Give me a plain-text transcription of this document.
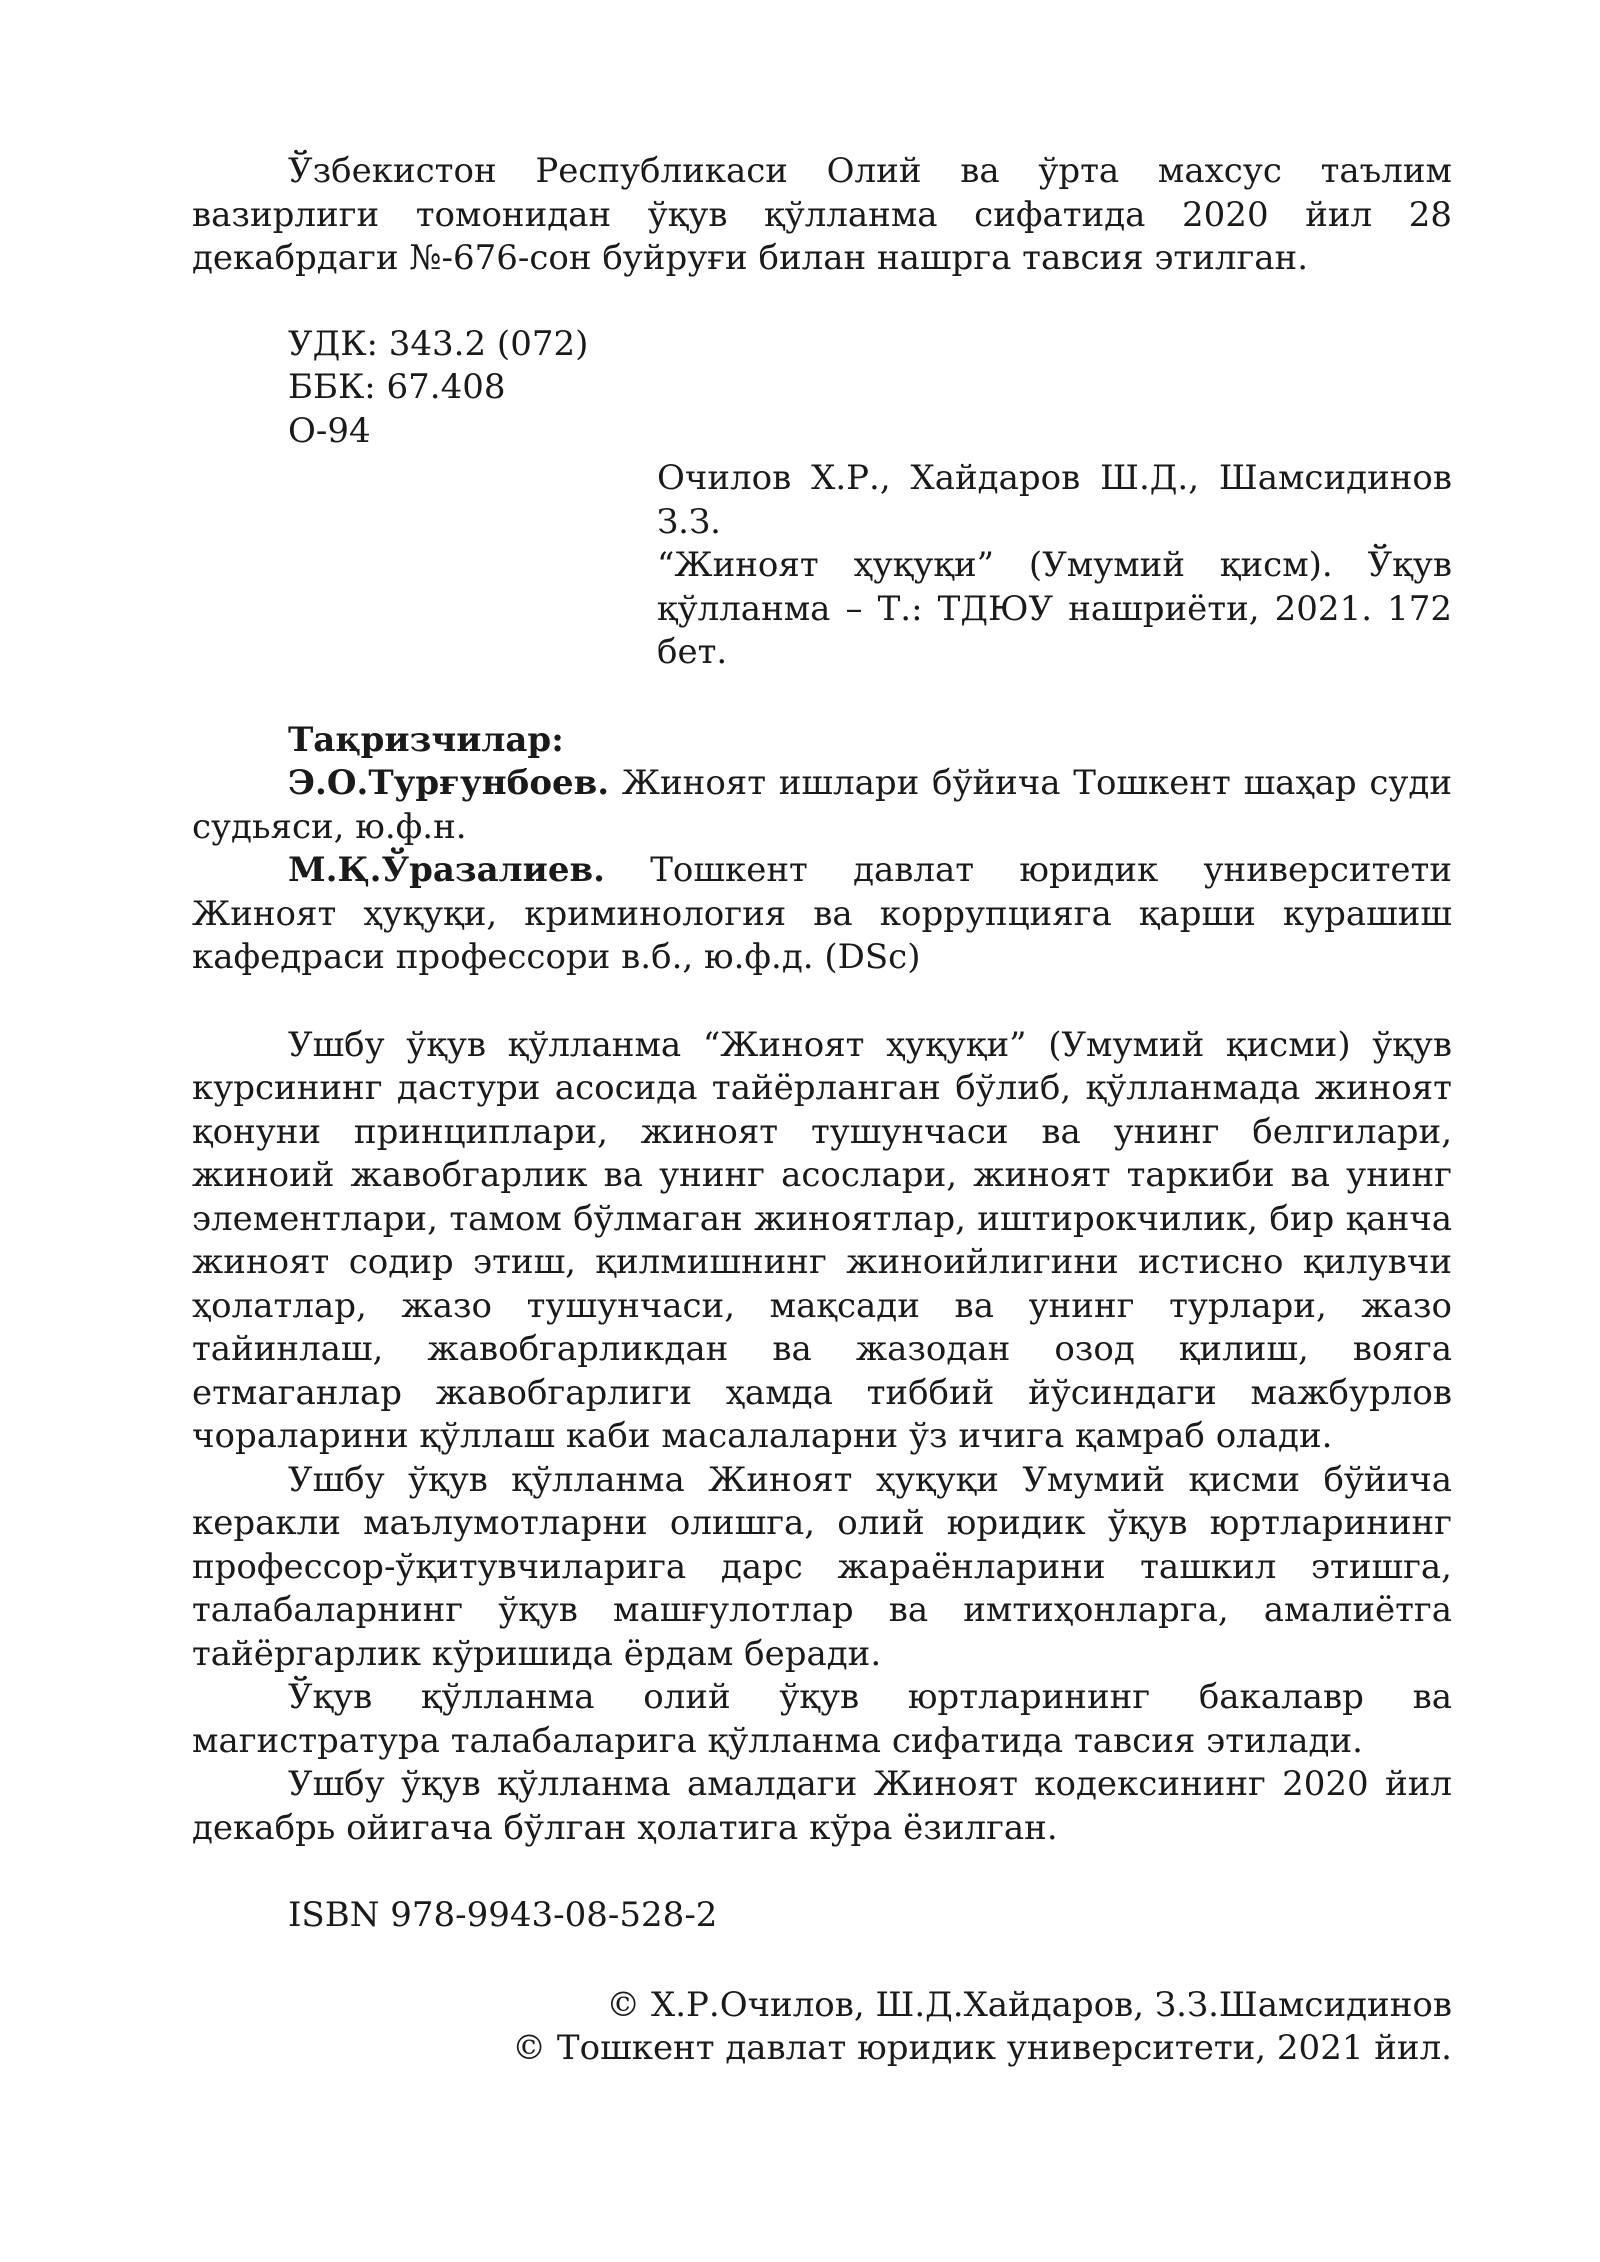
Ўзбекистон Республикаси Олий ва ўрта махсус таълим вазирлиги томонидан ўқув қўлланма сифатида 2020 йил 28 декабрдаги №-676-сон буйруғи билан нашрга тавсия этилган.

УДК: 343.2 (072)
ББК: 67.408
О-94
Очилов Х.Р., Хайдаров Ш.Д., Шамсидинов З.З.
“Жиноят ҳуқуқи” (Умумий қисм). Ўқув қўлланма – Т.: ТДЮУ нашриёти, 2021. 172 бет.
Тақризчилар:

Э.О.Турғунбоев. Жиноят ишлари бўйича Тошкент шаҳар суди судьяси, ю.ф.н.

М.Қ.Ўразалиев. Тошкент давлат юридик университети Жиноят ҳуқуқи, криминология ва коррупцияга қарши курашиш кафедраси профессори в.б., ю.ф.д. (DSc)

Ушбу ўқув қўлланма “Жиноят ҳуқуқи” (Умумий қисми) ўқув курсининг дастури асосида тайёрланган бўлиб, қўлланмада жиноят қонуни принциплари, жиноят тушунчаси ва унинг белгилари, жиноий жавобгарлик ва унинг асослари, жиноят таркиби ва унинг элементлари, тамом бўлмаган жиноятлар, иштирокчилик, бир қанча жиноят содир этиш, қилмишнинг жиноийлигини истисно қилувчи ҳолатлар, жазо тушунчаси, мақсади ва унинг турлари, жазо тайинлаш, жавобгарликдан ва жазодан озод қилиш, вояга етмаганлар жавобгарлиги ҳамда тиббий йўсиндаги мажбурлов чораларини қўллаш каби масалаларни ўз ичига қамраб олади.

Ушбу ўқув қўлланма Жиноят ҳуқуқи Умумий қисми бўйича керакли маълумотларни олишга, олий юридик ўқув юртларининг профессор-ўқитувчиларига дарс жараёнларини ташкил этишга, талабаларнинг ўқув машғулотлар ва имтиҳонларга, амалиётга тайёргарлик кўришида ёрдам беради.

Ўқув қўлланма олий ўқув юртларининг бакалавр ва магистратура талабаларига қўлланма сифатида тавсия этилади.

Ушбу ўқув қўлланма амалдаги Жиноят кодексининг 2020 йил декабрь ойигача бўлган ҳолатига кўра ёзилган.

ISBN 978-9943-08-528-2
© Х.Р.Очилов, Ш.Д.Хайдаров, З.З.Шамсидинов
© Тошкент давлат юридик университети, 2021 йил.
